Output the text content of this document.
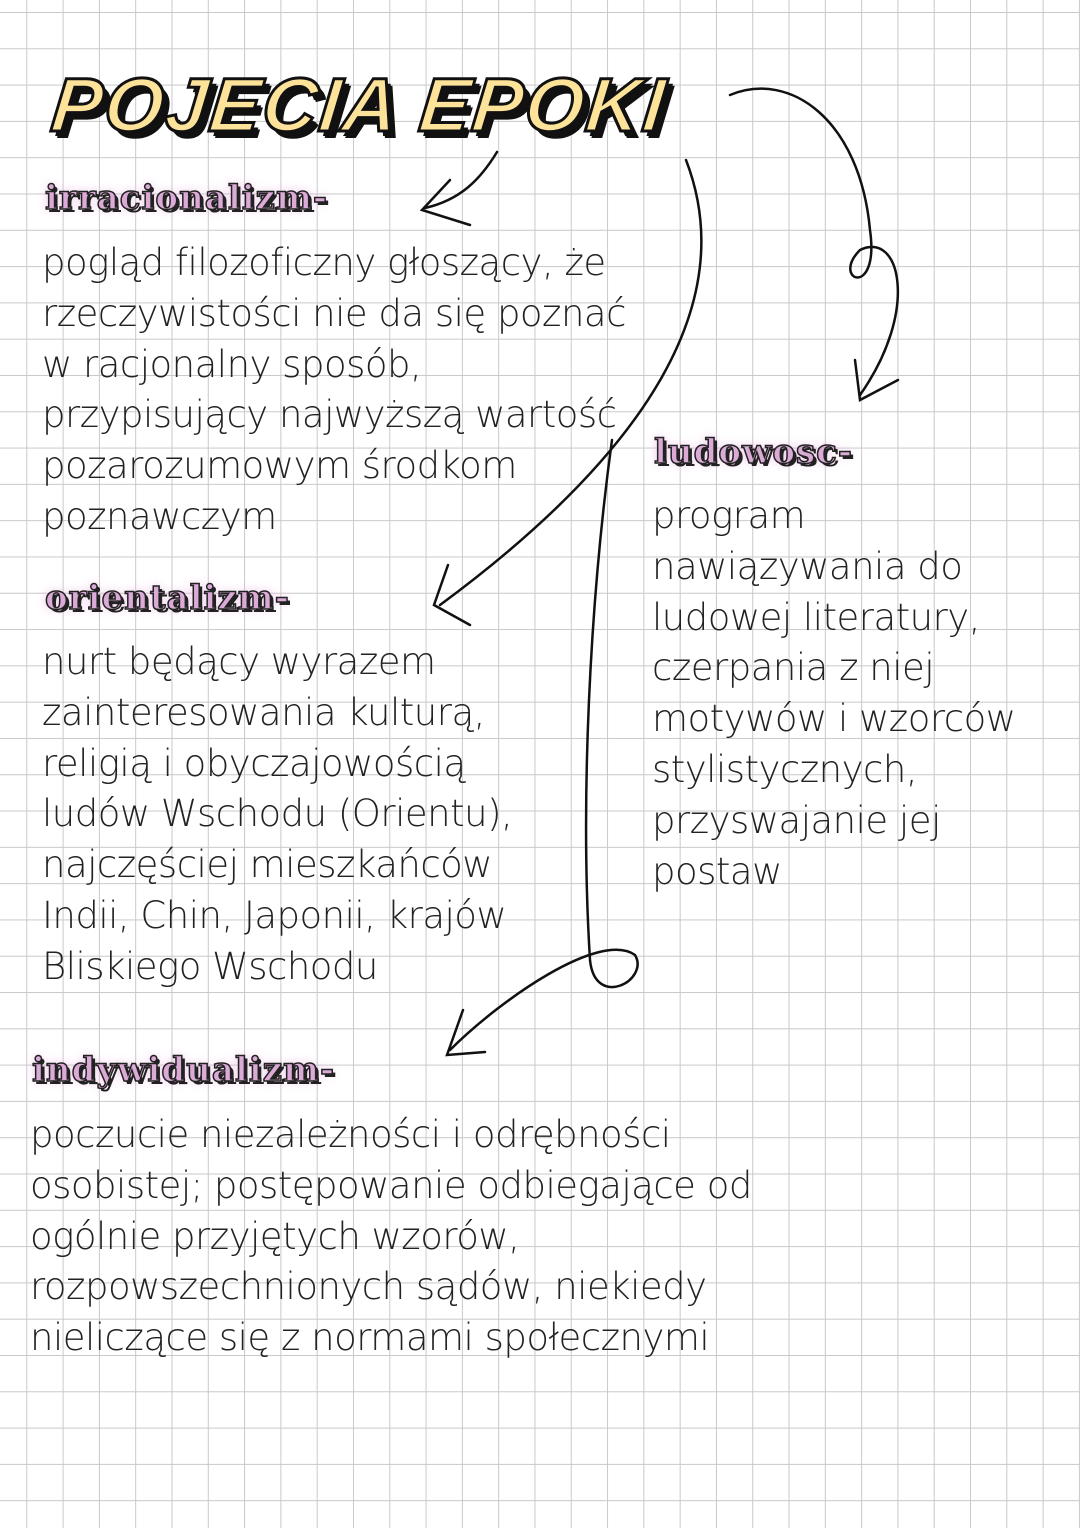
POJECIA EPOKI
irracionalizm-
pogląd filozoficzny głoszący, że
rzeczywistości nie da się poznać
w racjonalny sposób,
przypisujący najwyższą wartość
pozarozumowym środkom
poznawczym
orientalizm-
nurt będący wyrazem
zainteresowania kulturą,
religią i obyczajowością
ludów Wschodu (Orientu),
najczęściej mieszkańców
Indii, Chin, Japonii, krajów
Bliskiego Wschodu
ludowosc-
program
nawiązywania do
ludowej literatury,
czerpania z niej
motywów i wzorców
stylistycznych,
przyswajanie jej
postaw
indywidualizm-
poczucie niezależności i odrębności
osobistej; postępowanie odbiegające od
ogólnie przyjętych wzorów,
rozpowszechnionych sądów, niekiedy
nieliczące się z normami społecznymi
